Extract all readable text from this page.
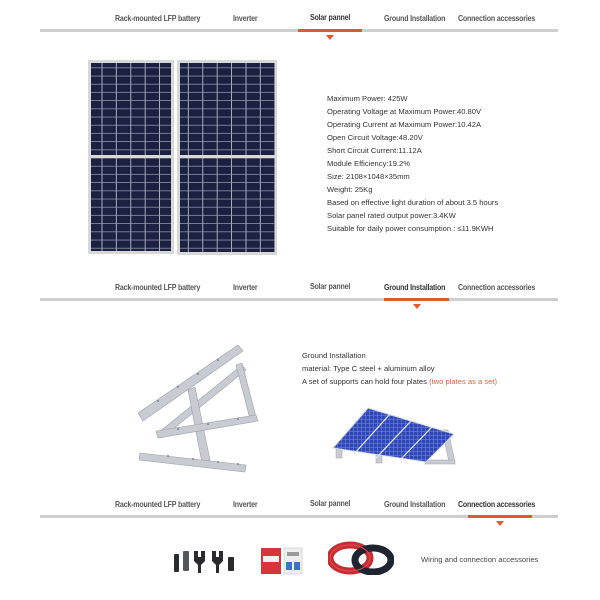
Rack-mounted LFP battery	Inverter	Solar pannel	Ground Installation Connection accessories
Maximum Power: 425W
Operating Voltage at Maximum Power:40.80V
Operating Current at Maximum Power:10.42A
Open Circuit Voltage:48.20V
Short Circuit Current:11.12A
Module Efficiency:19.2%
Size: 2108×1048×35mm
Weight: 25Kg
Based on effective light duration of about 3.5 hours
Solar panel rated output power:3.4KW
Suitable for daily power consumption : ≤11.9KWH
Rack-mounted LFP battery	Inverter	Solar pannel	Ground Installation Connection accessories
Ground Installation
material: Type C steel + aluminum alloy
A set of supports can hold four plates (two plates as a set)
Rack-mounted LFP battery	Inverter	Solar pannel	Ground Installation Connection accessories
Wiring and connection accessories
